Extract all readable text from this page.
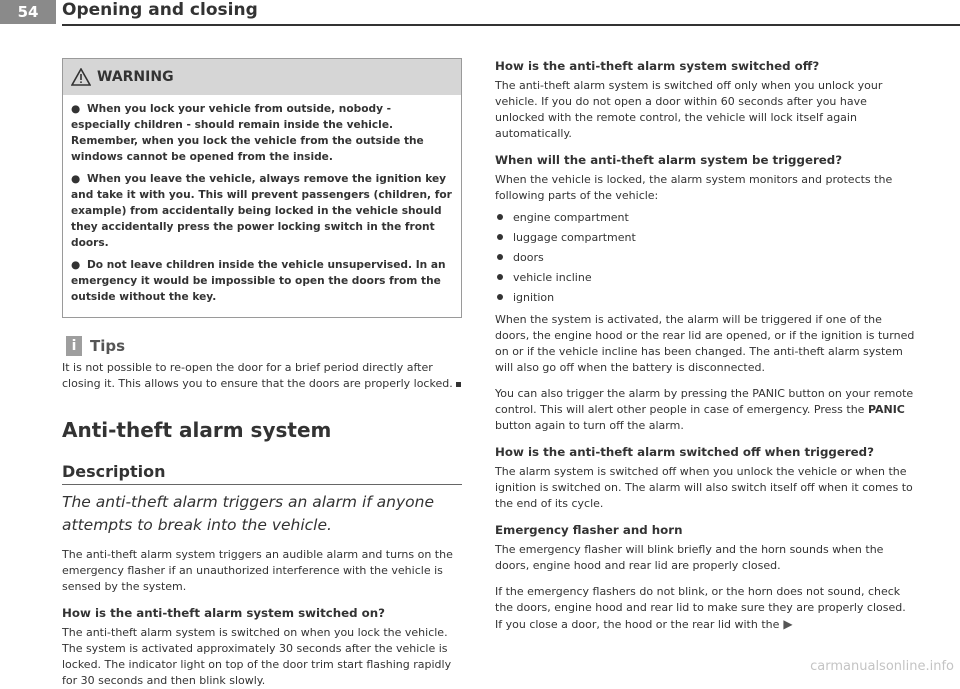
54	Opening and closing
WARNING

● When you lock your vehicle from outside, nobody - especially children - should remain inside the vehicle. Remember, when you lock the vehicle from the outside the windows cannot be opened from the inside.

● When you leave the vehicle, always remove the ignition key and take it with you. This will prevent passengers (children, for example) from accidentally being locked in the vehicle should they accidentally press the power locking switch in the front doors.

● Do not leave children inside the vehicle unsupervised. In an emergency it would be impossible to open the doors from the outside without the key.

i Tips
It is not possible to re-open the door for a brief period directly after closing it. This allows you to ensure that the doors are properly locked.
Anti-theft alarm system
Description
The anti-theft alarm triggers an alarm if anyone attempts to break into the vehicle.
The anti-theft alarm system triggers an audible alarm and turns on the emergency flasher if an unauthorized interference with the vehicle is sensed by the system.
How is the anti-theft alarm system switched on?
The anti-theft alarm system is switched on when you lock the vehicle. The system is activated approximately 30 seconds after the vehicle is locked. The indicator light on top of the door trim start flashing rapidly for 30 seconds and then blink slowly.
How is the anti-theft alarm system switched off?
The anti-theft alarm system is switched off only when you unlock your vehicle. If you do not open a door within 60 seconds after you have unlocked with the remote control, the vehicle will lock itself again automatically.
When will the anti-theft alarm system be triggered?
When the vehicle is locked, the alarm system monitors and protects the following parts of the vehicle:
engine compartment
luggage compartment
doors
vehicle incline
ignition
When the system is activated, the alarm will be triggered if one of the doors, the engine hood or the rear lid are opened, or if the ignition is turned on or if the vehicle incline has been changed. The anti-theft alarm system will also go off when the battery is disconnected.
You can also trigger the alarm by pressing the PANIC button on your remote control. This will alert other people in case of emergency. Press the PANIC button again to turn off the alarm.
How is the anti-theft alarm switched off when triggered?
The alarm system is switched off when you unlock the vehicle or when the ignition is switched on. The alarm will also switch itself off when it comes to the end of its cycle.
Emergency flasher and horn
The emergency flasher will blink briefly and the horn sounds when the doors, engine hood and rear lid are properly closed.
If the emergency flashers do not blink, or the horn does not sound, check the doors, engine hood and rear lid to make sure they are properly closed. If you close a door, the hood or the rear lid with the ▶
carmanualsonline.info
